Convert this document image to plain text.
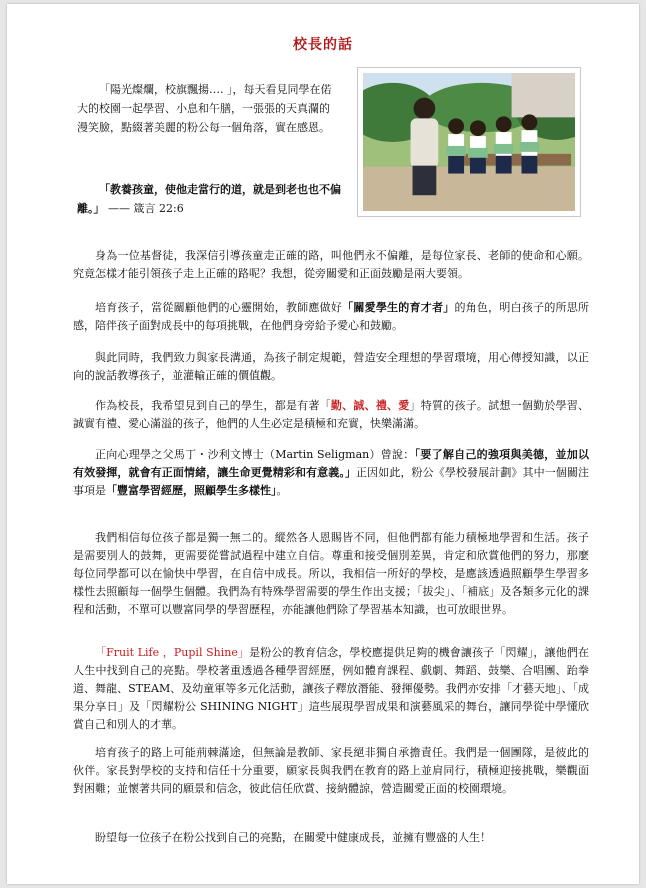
校長的話

「陽光燦爛，校旗飄揚…. 」，每天看見同學在偌大的校園一起學習、小息和午膳，一張張的天真瀾的漫笑臉，點綴著美麗的粉公每一個角落，實在感恩。

「教養孩童，使他走當行的道，就是到老也也不偏離。」 —— 箴言 22:6

身為一位基督徒，我深信引導孩童走正確的路，叫他們永不偏離，是每位家長、老師的使命和心願。究竟怎樣才能引領孩子走上正確的路呢？我想，從旁關愛和正面鼓勵是兩大要領。

培育孩子，當從關顧他們的心靈開始，教師應做好「關愛學生的育才者」的角色，明白孩子的所思所感，陪伴孩子面對成長中的每項挑戰，在他們身旁給予愛心和鼓勵。

與此同時，我們致力與家長溝通，為孩子制定規範，營造安全理想的學習環境，用心傳授知識，以正向的說話教導孩子，並灌輸正確的價值觀。

作為校長，我希望見到自己的學生，都是有著「勤、誠、禮、愛」特質的孩子。試想一個勤於學習、誠實有禮、愛心滿溢的孩子，他們的人生必定是積極和充實，快樂滿滿。

正向心理學之父馬丁・沙利文博士（Martin Seligman）曾說：「要了解自己的強項與美德，並加以有效發揮，就會有正面情緒，讓生命更覺精彩和有意義。」正因如此，粉公《學校發展計劃》其中一個關注事項是「豐富學習經歷，照顧學生多樣性」。

我們相信每位孩子都是獨一無二的。縱然各人恩賜皆不同，但他們都有能力積極地學習和生活。孩子是需要別人的鼓舞，更需要從嘗試過程中建立自信。尊重和接受個別差異，肯定和欣賞他們的努力，那麼每位同學都可以在愉快中學習，在自信中成長。所以，我相信一所好的學校，是應該透過照顧學生學習多樣性去照顧每一個學生個體。我們為有特殊學習需要的學生作出支援；「拔尖」、「補底」及各類多元化的課程和活動，不單可以豐富同學的學習歷程，亦能讓他們除了學習基本知識，也可放眼世界。

「Fruit Life ，Pupil Shine」是粉公的教育信念，學校應提供足夠的機會讓孩子「閃耀」，讓他們在人生中找到自己的亮點。學校著重透過各種學習經歷，例如體育課程、戲劇、舞蹈、鼓樂、合唱團、跆拳道、舞龍、STEAM、及幼童軍等多元化活動，讓孩子釋放潛能、發揮優勢。我們亦安排「才藝天地」、「成果分享日」及「閃耀粉公 SHINING NIGHT」這些展現學習成果和演藝風采的舞台，讓同學從中學懂欣賞自己和別人的才華。

培育孩子的路上可能荊棘滿途，但無論是教師、家長絕非獨自承擔責任。我們是一個團隊，是彼此的伙伴。家長對學校的支持和信任十分重要，願家長與我們在教育的路上並肩同行，積極迎接挑戰，樂觀面對困難；並懷著共同的願景和信念，彼此信任欣賞、接納體諒，營造關愛正面的校園環境。

盼望每一位孩子在粉公找到自己的亮點，在關愛中健康成長，並擁有豐盛的人生！
